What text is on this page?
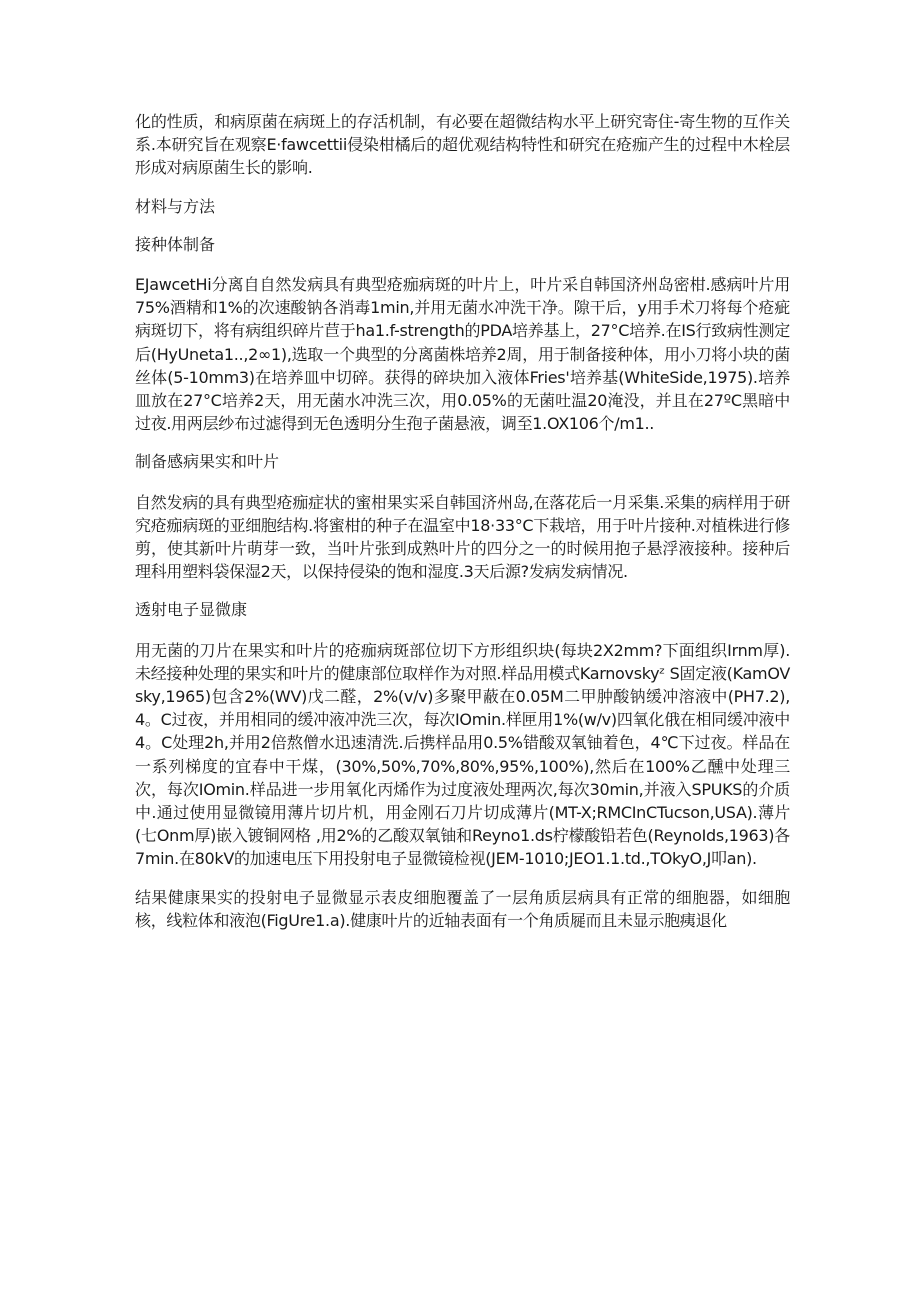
化的性质，和病原菌在病斑上的存活机制，有必要在超微结构水平上研究寄住-寄生物的互作关系.本研究旨在观察E·fawcettii侵染柑橘后的超优观结构特性和研究在疮痂产生的过程中木栓层形成对病原菌生长的影响.

材料与方法

接种体制备

EJawcetHi分离自自然发病具有典型疮痂病斑的叶片上，叶片采自韩国济州岛密柑.感病叶片用75%酒精和1%的次速酸钠各消毒1min,并用无菌水冲洗干净。隙干后，y用手术刀将每个疮疵病斑切下，将有病组织碎片苣于ha1.f-strength的PDA培养基上，27°C培养.在IS行致病性测定后(HyUneta1..,2∞1),选取一个典型的分离菌株培养2周，用于制备接种体，用小刀将小块的菌丝体(5-10mm3)在培养皿中切碎。获得的碎块加入液体Fries'培养基(WhiteSide,1975).培养皿放在27°C培养2天，用无菌水冲洗三次，用0.05%的无菌吐温20淹没，并且在27ºC黑暗中过夜.用两层纱布过滤得到无色透明分生孢子菌悬液，调至1.OX106个/m1..

制备感病果实和叶片

自然发病的具有典型疮痂症状的蜜柑果实采自韩国济州岛,在落花后一月采集.采集的病样用于研究疮痂病斑的亚细胞结构.将蜜柑的种子在温室中18·33°C下栽培，用于叶片接种.对植株进行修剪，使其新叶片萌芽一致，当叶片张到成熟叶片的四分之一的时候用抱子悬浮液接种。接种后理科用塑料袋保湿2天，以保持侵染的饱和湿度.3天后源?发病发病情况.

透射电子显微康

用无菌的刀片在果实和叶片的疮痂病斑部位切下方形组织块(每块2X2mm?下面组织Irnm厚).未经接种处理的果实和叶片的健康部位取样作为对照.样品用模式Karnovskyᶻ S固定液(KamOVsky,1965)包含2%(WV)戊二醛，2%(v∕v)多聚甲蔽在0.05M二甲肿酸钠缓冲溶液中(PH7.2),4。C过夜，并用相同的缓冲液冲洗三次，每次IOmin.样匣用1%(w∕v)四氧化俄在相同缓冲液中4。C处理2h,并用2倍熬僧水迅速清洗.后携样品用0.5%错酸双氧铀着色，4℃下过夜。样品在一系列梯度的宜春中干煤，(30%,50%,70%,80%,95%,100%),然后在100%乙醺中处理三次，每次IOmin.样品进一步用氧化丙烯作为过度液处理两次,每次30min,并液入SPUKS的介质中.通过使用显微镜用薄片切片机，用金刚石刀片切成薄片(MT-X;RMCInCTucson,USA).薄片(七Onm厚)嵌入镀铜网格 ,用2%的乙酸双氧铀和Reyno1.ds柠檬酸铅若色(ReynoIds,1963)各7min.在80kV的加速电压下用投射电子显微镜检视(JEM-1010;JEO1.1.td.,TOkyO,J叩an).

结果健康果实的投射电子显微显示表皮细胞覆盖了一层角质层病具有正常的细胞器，如细胞核，线粒体和液泡(FigUre1.a).健康叶片的近轴表面有一个角质屣而且未显示胞痍退化
